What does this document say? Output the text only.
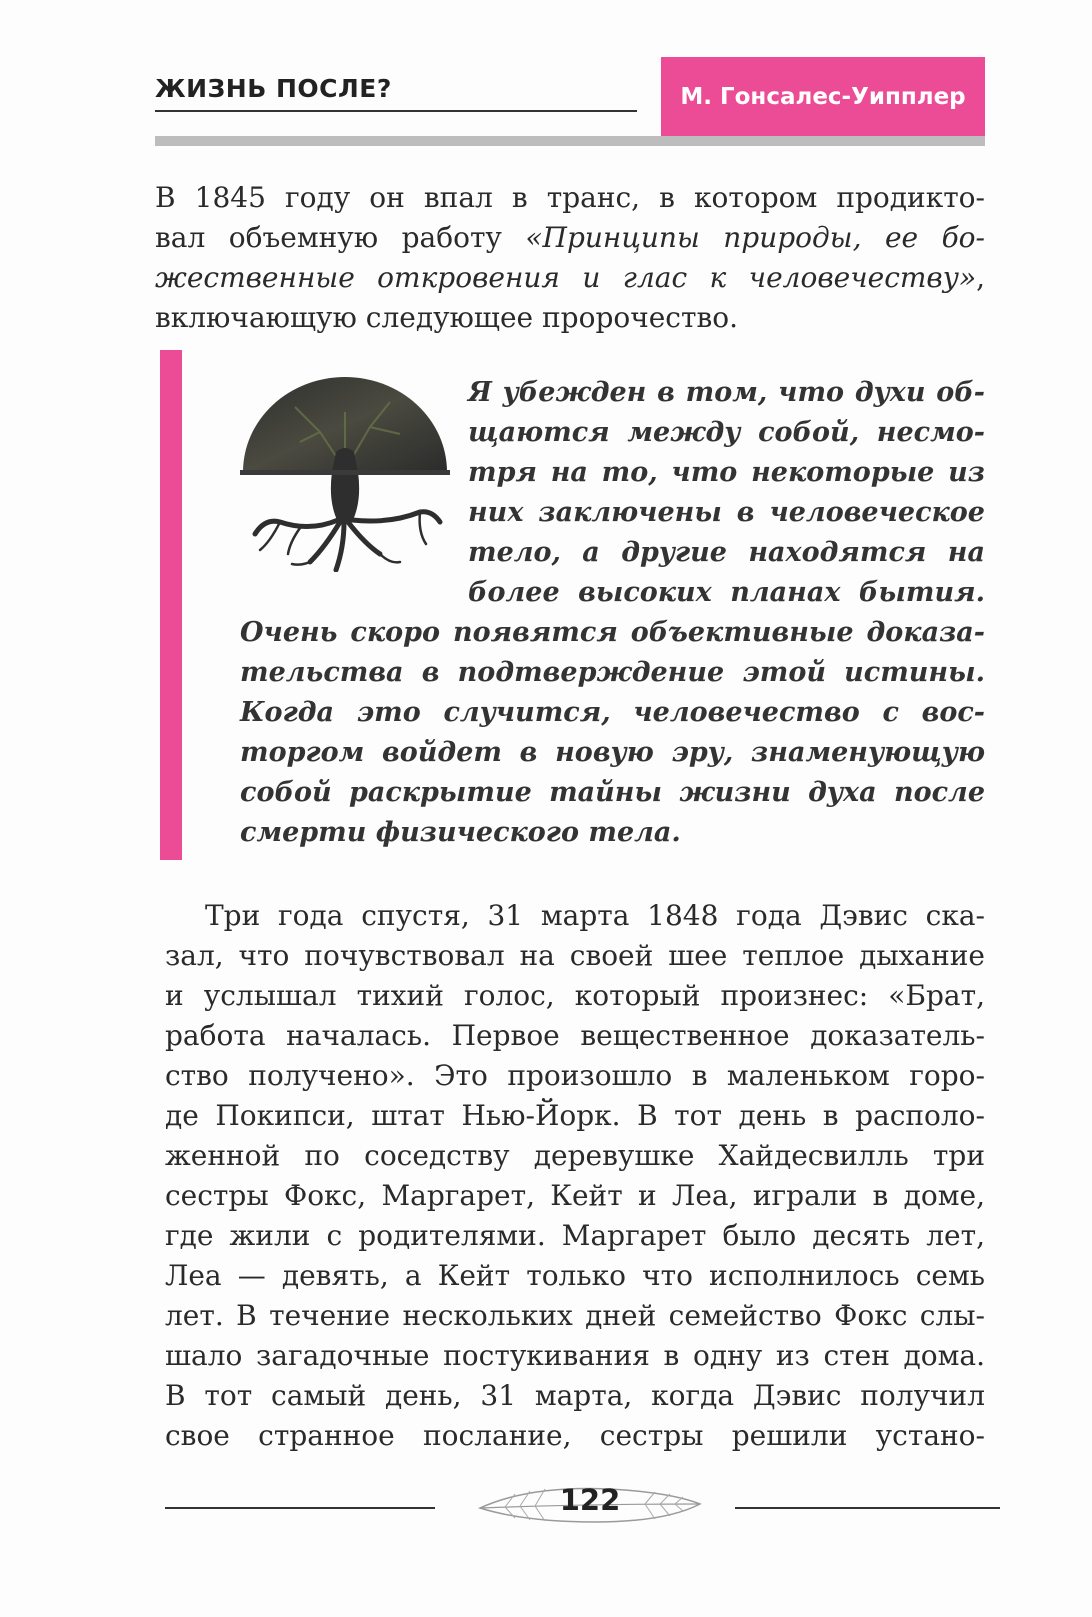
ЖИЗНЬ ПОСЛЕ?	М. Гонсалес-Уипплер
В 1845 году он впал в транс, в котором продикто-
вал объемную работу «Принципы природы, ее бо-
жественные откровения и глас к человечеству»,
включающую следующее пророчество.
Я убежден в том, что духи об-
щаются между собой, несмо-
тря на то, что некоторые из
них заключены в человеческое
тело, а другие находятся на
более высоких планах бытия.
Очень скоро появятся объективные доказа-
тельства в подтверждение этой истины.
Когда это случится, человечество с вос-
торгом войдет в новую эру, знаменующую
собой раскрытие тайны жизни духа после
смерти физического тела.
Три года спустя, 31 марта 1848 года Дэвис ска-
зал, что почувствовал на своей шее теплое дыхание
и услышал тихий голос, который произнес: «Брат,
работа началась. Первое вещественное доказатель-
ство получено». Это произошло в маленьком горо-
де Покипси, штат Нью-Йорк. В тот день в располо-
женной по соседству деревушке Хайдесвилль три
сестры Фокс, Маргарет, Кейт и Леа, играли в доме,
где жили с родителями. Маргарет было десять лет,
Леа — девять, а Кейт только что исполнилось семь
лет. В течение нескольких дней семейство Фокс слы-
шало загадочные постукивания в одну из стен дома.
В тот самый день, 31 марта, когда Дэвис получил
свое странное послание, сестры решили устано-
122
